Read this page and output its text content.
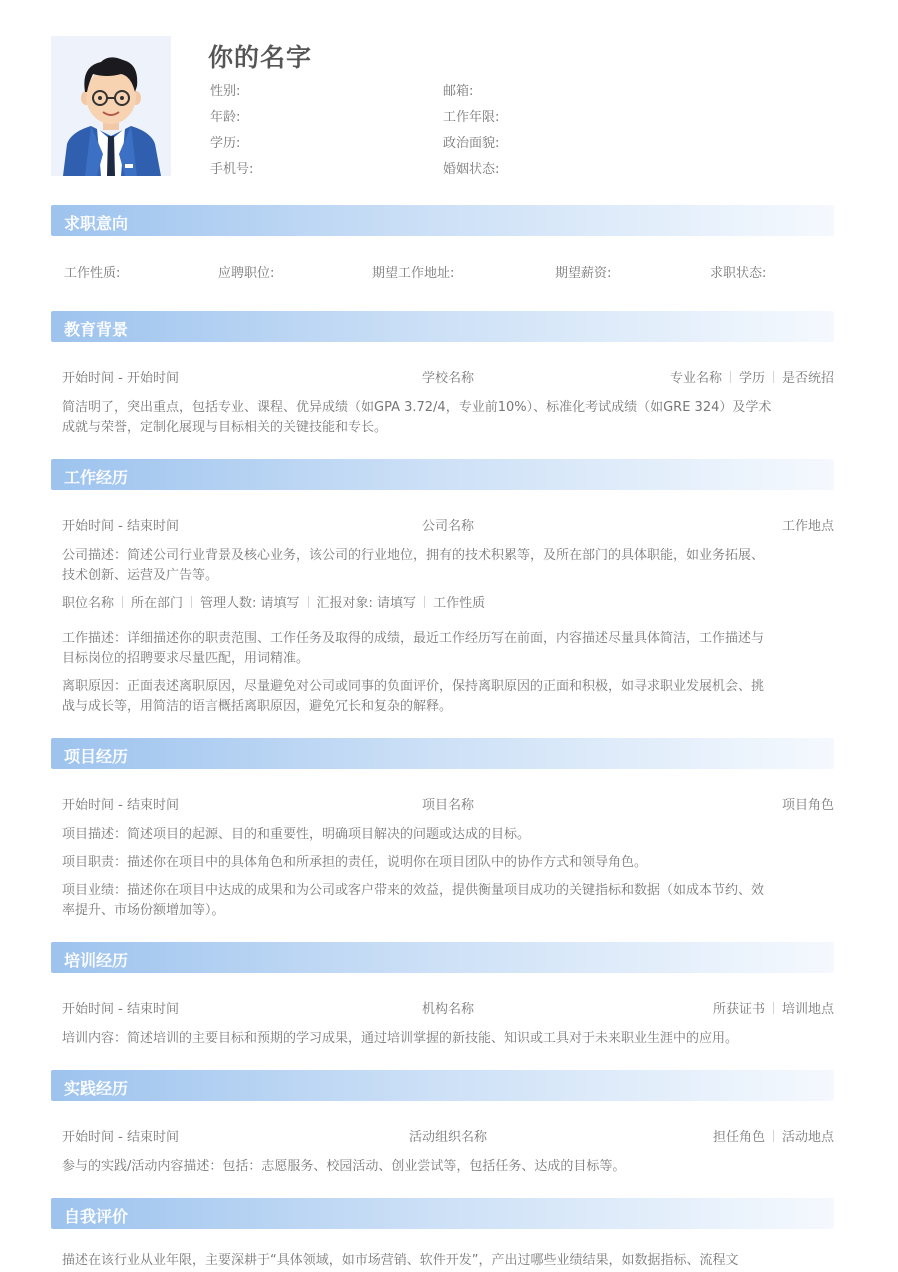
你的名字
性别:	邮箱:
年龄:	工作年限:
学历:	政治面貌:
手机号:	婚姻状态:
求职意向
工作性质:	应聘职位:	期望工作地址:	期望薪资:	求职状态:
教育背景
开始时间 - 开始时间	学校名称	专业名称 学历 是否统招
简洁明了，突出重点，包括专业、课程、优异成绩（如GPA 3.72/4，专业前10%）、标准化考试成绩（如GRE 324）及学术
成就与荣誉，定制化展现与目标相关的关键技能和专长。
工作经历
开始时间 - 结束时间	公司名称	工作地点
公司描述：简述公司行业背景及核心业务，该公司的行业地位，拥有的技术积累等，及所在部门的具体职能，如业务拓展、
技术创新、运营及广告等。
职位名称 所在部门 管理人数: 请填写 汇报对象: 请填写 工作性质
工作描述：详细描述你的职责范围、工作任务及取得的成绩，最近工作经历写在前面，内容描述尽量具体简洁，工作描述与
目标岗位的招聘要求尽量匹配，用词精准。
离职原因：正面表述离职原因，尽量避免对公司或同事的负面评价，保持离职原因的正面和积极，如寻求职业发展机会、挑
战与成长等，用简洁的语言概括离职原因，避免冗长和复杂的解释。
项目经历
开始时间 - 结束时间	项目名称	项目角色
项目描述：简述项目的起源、目的和重要性，明确项目解决的问题或达成的目标。
项目职责：描述你在项目中的具体角色和所承担的责任，说明你在项目团队中的协作方式和领导角色。
项目业绩：描述你在项目中达成的成果和为公司或客户带来的效益，提供衡量项目成功的关键指标和数据（如成本节约、效
率提升、市场份额增加等）。
培训经历
开始时间 - 结束时间	机构名称	所获证书 培训地点
培训内容：简述培训的主要目标和预期的学习成果，通过培训掌握的新技能、知识或工具对于未来职业生涯中的应用。
实践经历
开始时间 - 结束时间	活动组织名称	担任角色 活动地点
参与的实践/活动内容描述：包括：志愿服务、校园活动、创业尝试等，包括任务、达成的目标等。
自我评价
描述在该行业从业年限，主要深耕于“具体领域，如市场营销、软件开发”，产出过哪些业绩结果，如数据指标、流程文
